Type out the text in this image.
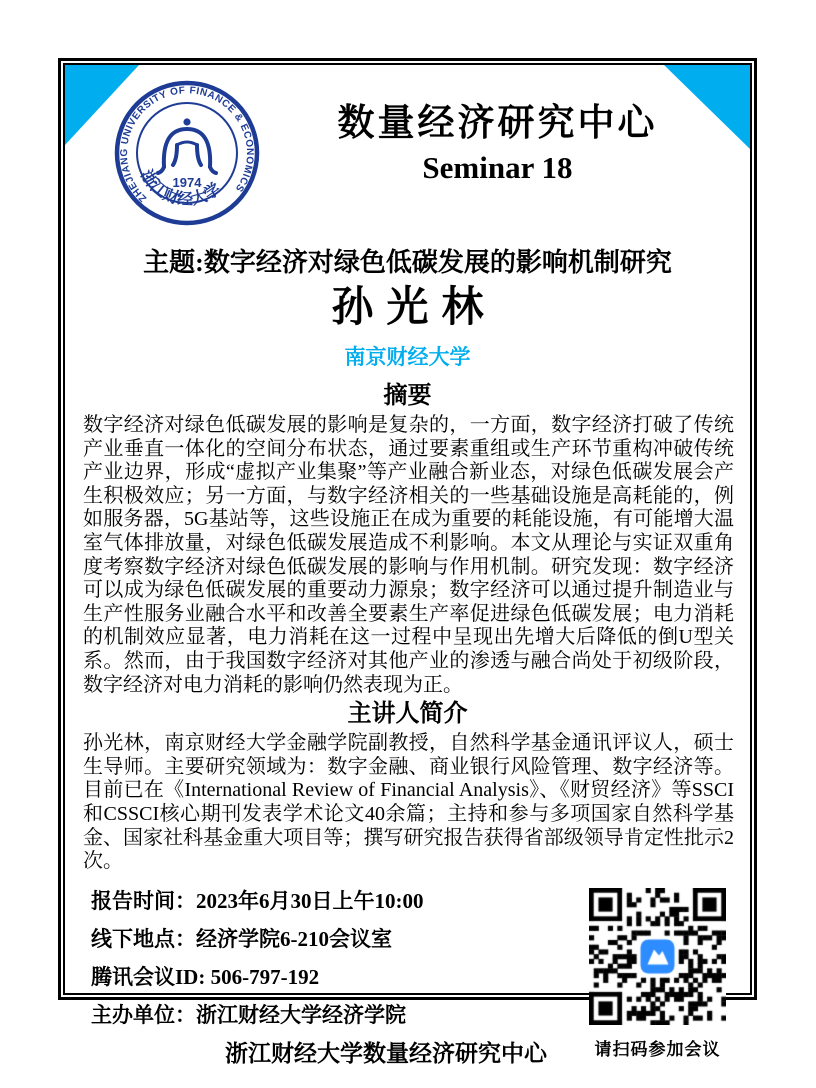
ZHEJIANG UNIVERSITY OF FINANCE & ECONOMICS
1974
浙江财经大学
数量经济研究中心
Seminar 18
主题:数字经济对绿色低碳发展的影响机制研究
孙光林
南京财经大学
摘要

数字经济对绿色低碳发展的影响是复杂的，一方面，数字经济打破了传统产业垂直一体化的空间分布状态，通过要素重组或生产环节重构冲破传统产业边界，形成“虚拟产业集聚”等产业融合新业态，对绿色低碳发展会产生积极效应；另一方面，与数字经济相关的一些基础设施是高耗能的，例如服务器，5G基站等，这些设施正在成为重要的耗能设施，有可能增大温室气体排放量，对绿色低碳发展造成不利影响。本文从理论与实证双重角度考察数字经济对绿色低碳发展的影响与作用机制。研究发现：数字经济可以成为绿色低碳发展的重要动力源泉；数字经济可以通过提升制造业与生产性服务业融合水平和改善全要素生产率促进绿色低碳发展；电力消耗的机制效应显著，电力消耗在这一过程中呈现出先增大后降低的倒U型关系。然而，由于我国数字经济对其他产业的渗透与融合尚处于初级阶段，数字经济对电力消耗的影响仍然表现为正。

主讲人简介

孙光林，南京财经大学金融学院副教授，自然科学基金通讯评议人，硕士生导师。主要研究领域为：数字金融、商业银行风险管理、数字经济等。目前已在《International Review of Financial Analysis》、《财贸经济》等SSCI和CSSCI核心期刊发表学术论文40余篇；主持和参与多项国家自然科学基金、国家社科基金重大项目等；撰写研究报告获得省部级领导肯定性批示2次。

报告时间：2023年6月30日上午10:00
线下地点：经济学院6-210会议室
腾讯会议ID: 506-797-192
主办单位：浙江财经大学经济学院
浙江财经大学数量经济研究中心	请扫码参加会议
